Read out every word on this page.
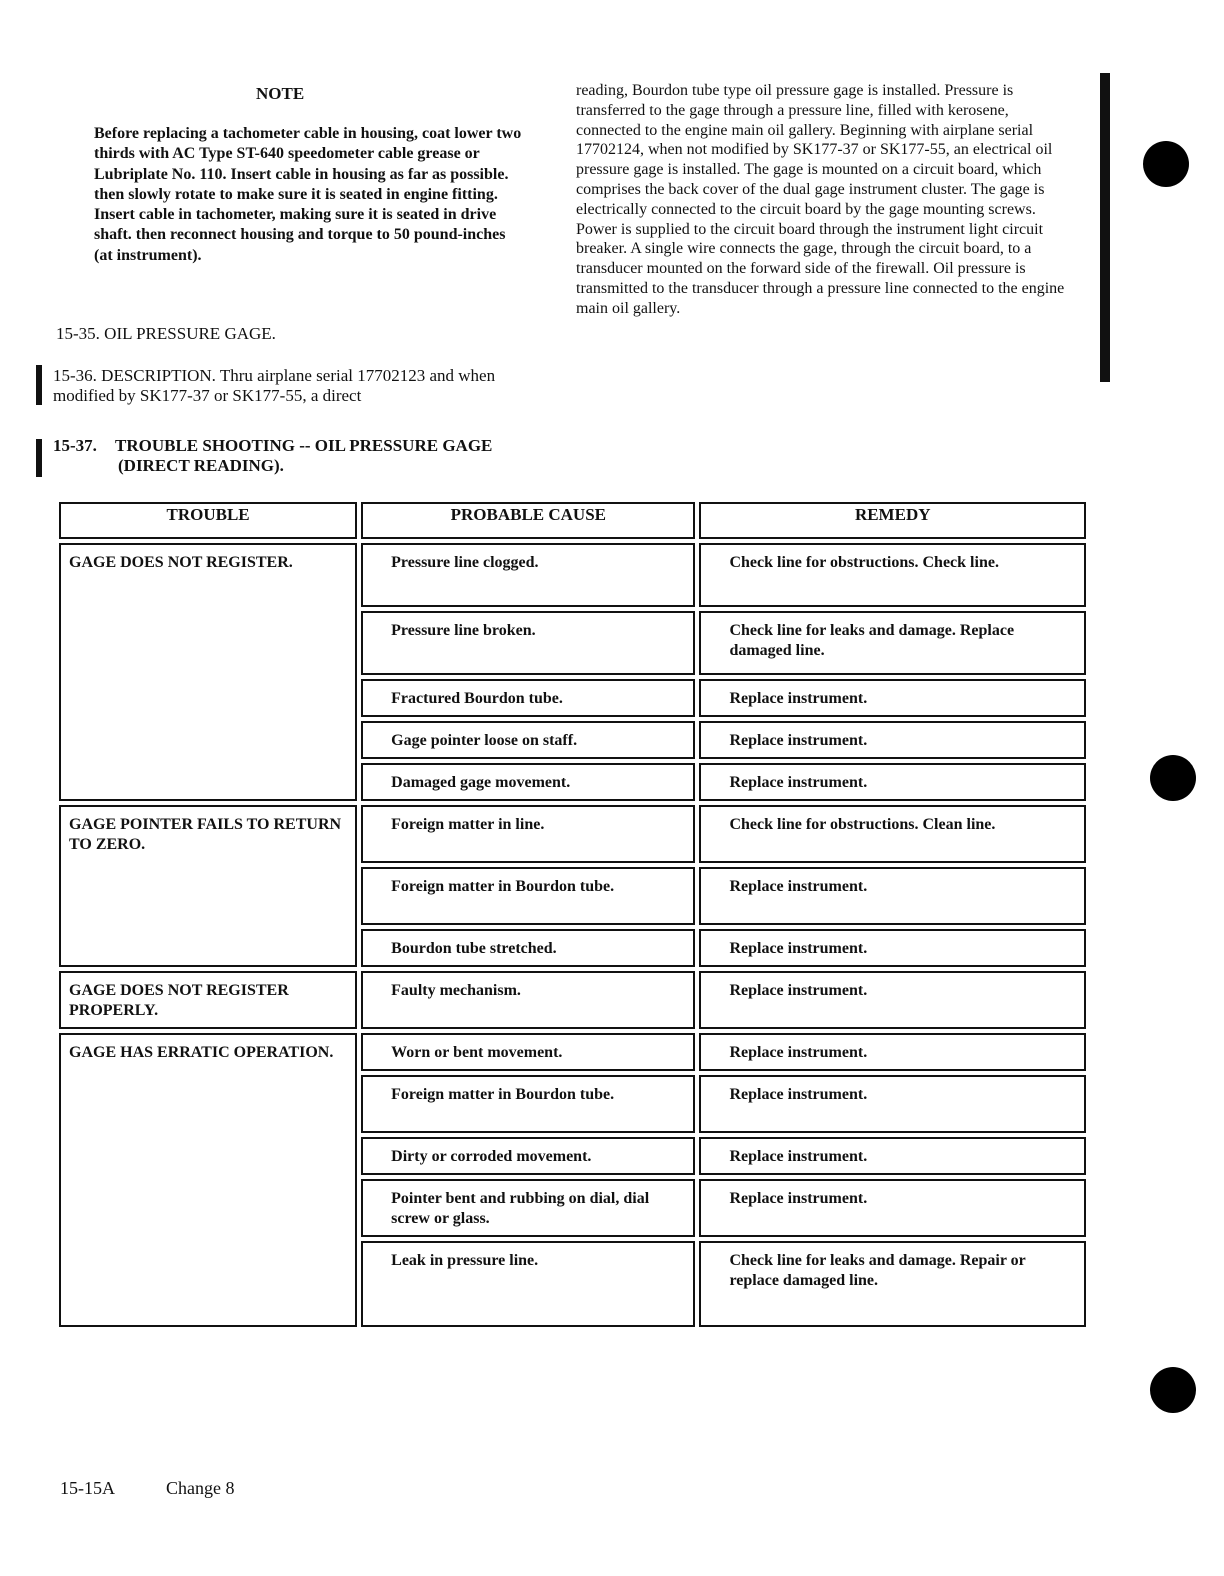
NOTE

Before replacing a tachometer cable in housing, coat lower two thirds with AC Type ST-640 speedometer cable grease or Lubriplate No. 110. Insert cable in housing as far as possible. then slowly rotate to make sure it is seated in engine fitting. Insert cable in tachometer, making sure it is seated in drive shaft. then reconnect housing and torque to 50 pound-inches (at instrument).

15-35. OIL PRESSURE GAGE.
15-36. DESCRIPTION. Thru airplane serial 17702123 and when modified by SK177-37 or SK177-55, a direct
15-37. TROUBLE SHOOTING -- OIL PRESSURE GAGE
(DIRECT READING).

reading, Bourdon tube type oil pressure gage is installed. Pressure is transferred to the gage through a pressure line, filled with kerosene, connected to the engine main oil gallery. Beginning with airplane serial 17702124, when not modified by SK177-37 or SK177-55, an electrical oil pressure gage is installed. The gage is mounted on a circuit board, which comprises the back cover of the dual gage instrument cluster. The gage is electrically connected to the circuit board by the gage mounting screws. Power is supplied to the circuit board through the instrument light circuit breaker. A single wire connects the gage, through the circuit board, to a transducer mounted on the forward side of the firewall. Oil pressure is transmitted to the transducer through a pressure line connected to the engine main oil gallery.

TROUBLE	PROBABLE CAUSE	REMEDY
GAGE DOES NOT REGISTER.	Pressure line clogged.	Check line for obstructions. Check line.
	Pressure line broken.	Check line for leaks and damage. Replace damaged line.
	Fractured Bourdon tube.	Replace instrument.
	Gage pointer loose on staff.	Replace instrument.
	Damaged gage movement.	Replace instrument.
GAGE POINTER FAILS TO RETURN TO ZERO.	Foreign matter in line.	Check line for obstructions. Clean line.
	Foreign matter in Bourdon tube.	Replace instrument.
	Bourdon tube stretched.	Replace instrument.
GAGE DOES NOT REGISTER PROPERLY.	Faulty mechanism.	Replace instrument.
GAGE HAS ERRATIC OPERATION.	Worn or bent movement.	Replace instrument.
	Foreign matter in Bourdon tube.	Replace instrument.
	Dirty or corroded movement.	Replace instrument.
	Pointer bent and rubbing on dial, dial screw or glass.	Replace instrument.
	Leak in pressure line.	Check line for leaks and damage. Repair or replace damaged line.
15-15A	Change 8
